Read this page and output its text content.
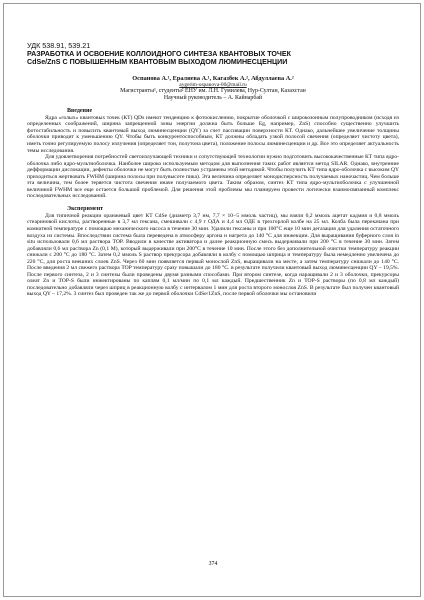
УДК 538.91, 539.21

РАЗРАБОТКА И ОСВОЕНИЕ КОЛЛОИДНОГО СИНТЕЗА КВАНТОВЫХ ТОЧЕК

CdSe/ZnS С ПОВЫШЕННЫМ КВАНТОВЫМ ВЫХОДОМ ЛЮМИНЕСЦЕНЦИИ

Оспанова А.¹, Ералиева А.¹, Кагазбек А.², Абдуллаева А.²
aygerim-ospanova-00@mail.ru
Магистранты¹, студенты² ЕНУ им. Л.Н. Гумилева, Нур-Султан, Казахстан
Научный руководитель – А. Кайнарбай
Введение

Ядра «голых» квантовых точек (КТ) QDs имеют тенденцию к фотоокислению, покрытие оболочкой с широкозонным полупроводником (исходя из определенных соображений, ширина запрещенной зоны энергии должна быть больше Eg, например, ZnS) способно существенно улучшить фотостабильность и повысить квантовый выход люминесценции (QY) за счет пассивации поверхности КТ. Однако, дальнейшее увеличение толщины оболочки приводит к уменьшению QY. Чтобы быть конкурентоспособным, КТ должны обладать узкой полосой свечения (определяет чистоту цвета), иметь точно регулируемую полосу излучения (определяет тон, полутона цвета), положение полосы люминесценции и др. Все это определяет актуальность темы исследования.

Для удовлетворения потребностей светоизлучающей техники и сопутствующей технологии нужно подготовить высококачественные КТ типа ядро-оболочка либо ядро-мультиоболочка. Наиболее широко используемым методом для выполнения таких работ является метод SILAR. Однако, внутренние дефформации дислокации, дефекты оболочки не могут быть полностью устранены этой методикой. Чтобы получить КТ типа ядро-оболочка с высоким QY приходиться жертвовать FWHM (ширина полосы при полувысоте пика). Эта величина определяет монодисперсность получаемых наночастиц. Чем больше эта величина, тем более теряется чистота свечения иначе получаемого цвета. Таким образом, синтез КТ типа ядро-мультиоболочка с улучшенной величиной FWHM все еще остается большой проблемой. Для решения этой проблемы мы планируем провести логически взаимосвязанный комплекс последовательных исследований.

Эксперимент

Для типичной реакции оранжевый цвет КТ CdSe (диаметр 3,7 нм, 7,7 × 10−5 ммоль частиц), мы взяли 0,2 ммоль ацетат кадмия и 0,8 ммоль стеариновой кислоты, растворенные в 3,7 мл гексана, смешивали с 4,9 г ОДА и 4,4 мл ОДЕ в трехгорлой колбе на 25 мл. Колба была перекачана при комнатной температуре с помощью механического насоса в течение 30 мин. Удалили гексаны и при 100°C еще 10 мин дегазация для удаления остаточного воздуха из системы. Впоследствии система была переведена в атмосферу аргона и нагрета до 140 °C для инжекции. Для выращивания буферного слоя in situ использовали 0,6 мл раствора TOP. Вводили в качестве активатора и далее реакционную смесь выдерживали при 200 °C в течение 30 мин. Затем добавляли 0,6 мл раствора Zn (0,1 M), который выдерживали при 200°C в течение 10 мин. После этого без дополнительной очистки температуру реакции снижали с 200 °C до 180 °C. Затем 0,2 ммоль S раствор прекурсора добавляли в колбу с помощью шприца и температуру была немедленно увеличена до 220 °C, для роста внешних слоев ZnS. Через 60 мин появляется первый монослой ZnS, выращивали на месте, а затем температуру снижали до 140 °C. После введения 2 мл свежего раствора TOP температуру сразу повышали до 180 °C. в результате получили квантовый выход люминесценции QY – 19,5%. После первого синтеза, 2 и 3 синтезы были проведены двумя разными способами. При втором синтезе, когда наращивали 2 и 3 оболочки, прекурсоры олеат Zn и TOP-S были инжектированы по каплям 0,1 мл/мин по 0,1 мл каждый. Предшественник Zn и TOP-S растворы (по 0,8 мл каждый) последовательно добавляли через шприц в реакционную колбу с интервалом 1 мин для роста второго монослоя ZnS. В результате был получен квантовый выход QY – 17,2%. 3 синтез был проведен так же до первой оболочки CdSe/1ZnS, после первой оболочки мы остановили

374
